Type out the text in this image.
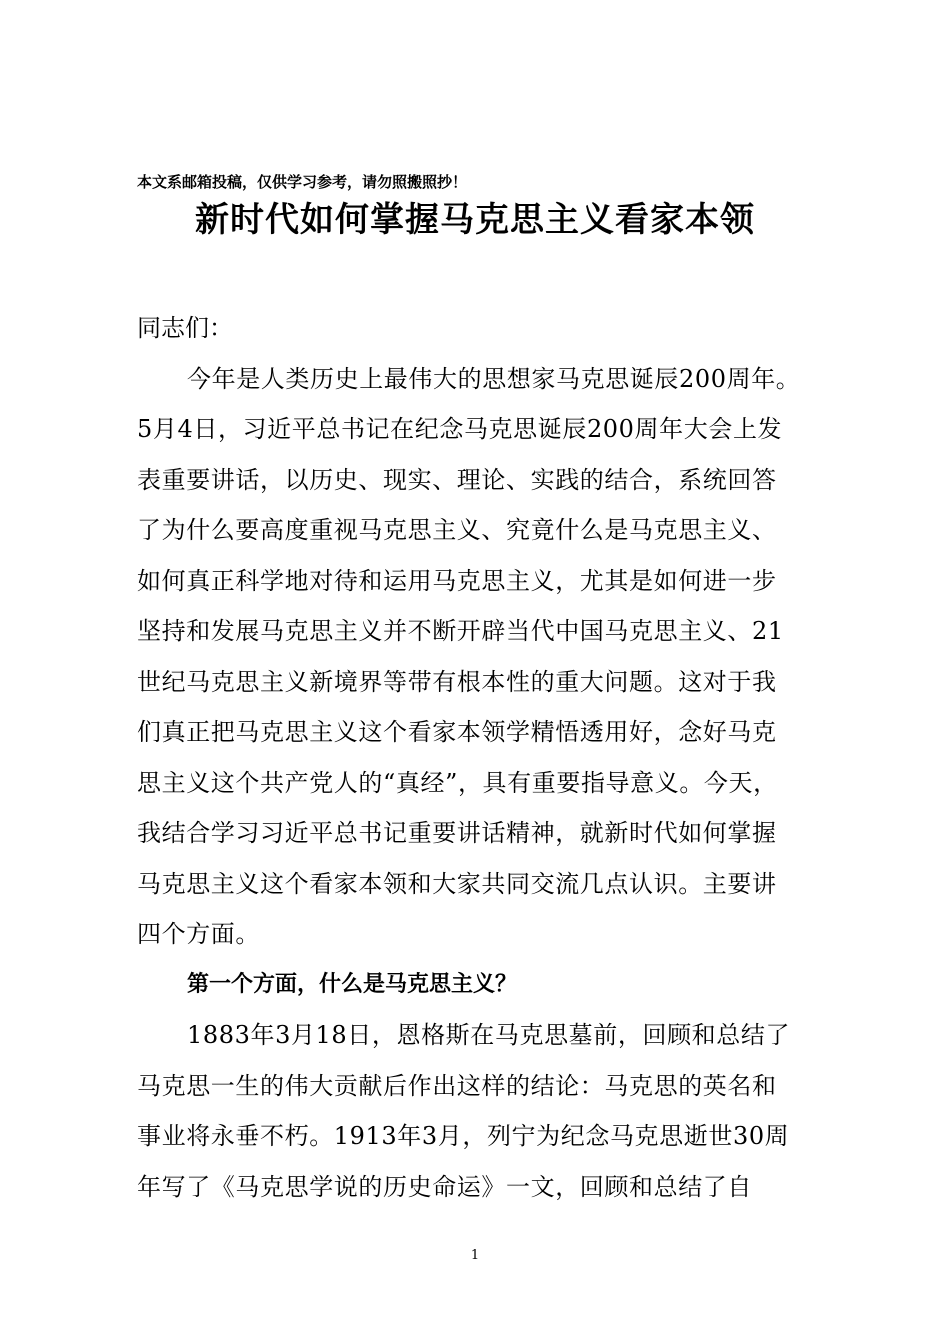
本文系邮箱投稿，仅供学习参考，请勿照搬照抄！
新时代如何掌握马克思主义看家本领

同志们：

今年是人类历史上最伟大的思想家马克思诞辰200周年。

5月4日，习近平总书记在纪念马克思诞辰200周年大会上发

表重要讲话，以历史、现实、理论、实践的结合，系统回答

了为什么要高度重视马克思主义、究竟什么是马克思主义、

如何真正科学地对待和运用马克思主义，尤其是如何进一步

坚持和发展马克思主义并不断开辟当代中国马克思主义、21

世纪马克思主义新境界等带有根本性的重大问题。这对于我

们真正把马克思主义这个看家本领学精悟透用好，念好马克

思主义这个共产党人的“真经”，具有重要指导意义。今天，

我结合学习习近平总书记重要讲话精神，就新时代如何掌握

马克思主义这个看家本领和大家共同交流几点认识。主要讲

四个方面。

第一个方面，什么是马克思主义？

1883年3月18日，恩格斯在马克思墓前，回顾和总结了

马克思一生的伟大贡献后作出这样的结论：马克思的英名和

事业将永垂不朽。1913年3月，列宁为纪念马克思逝世30周

年写了《马克思学说的历史命运》一文，回顾和总结了自

1
